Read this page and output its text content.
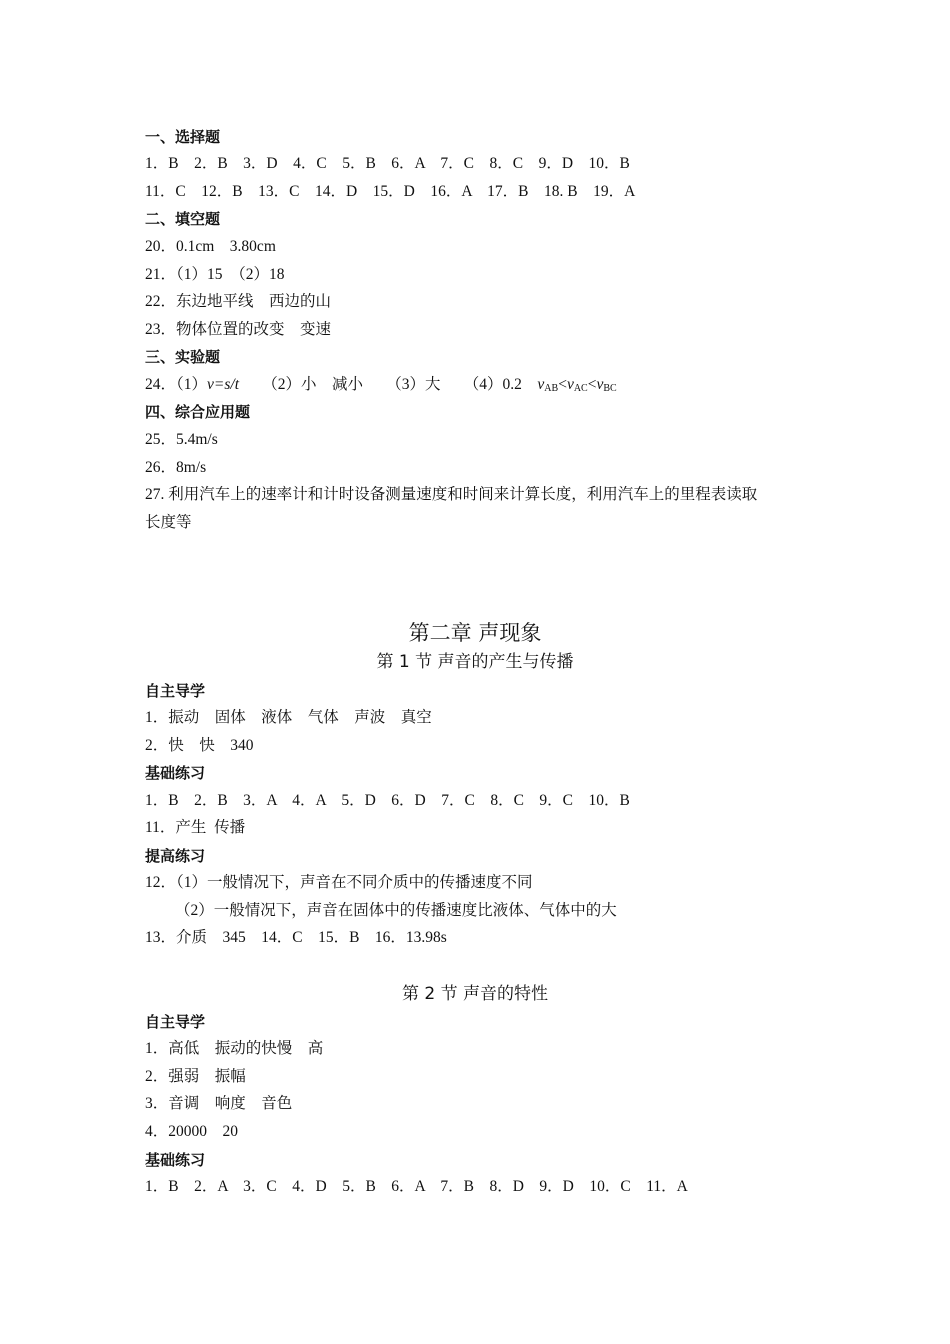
一、选择题
1．B　2．B　3．D　4．C　5．B　6．A　7．C　8．C　9．D　10．B
11．C　12．B　13．C　14．D　15．D　16．A　17．B　18. B　19．A
二、填空题
20．0.1cm　3.80cm
21．（1）15　（2）18
22．东边地平线　西边的山
23．物体位置的改变　变速
三、实验题
24．（1）v=s/t　　（2）小　减小　　（3）大　　（4）0.2　$v_{AB}<v_{AC}<v_{BC}$
四、综合应用题
25．5.4m/s
26．8m/s
27. 利用汽车上的速率计和计时设备测量速度和时间来计算长度，利用汽车上的里程表读取
长度等
第二章 声现象
第 1 节 声音的产生与传播
自主导学
1．振动　固体　液体　气体　声波　真空
2．快　快　340
基础练习
1．B　2．B　3．A　4．A　5．D　6．D　7．C　8．C　9．C　10．B
11．产生  传播
提高练习
12．（1）一般情况下，声音在不同介质中的传播速度不同
（2）一般情况下，声音在固体中的传播速度比液体、气体中的大
13．介质　345　14．C　15．B　16．13.98s
第 2 节 声音的特性
自主导学
1．高低　振动的快慢　高
2．强弱　振幅
3．音调　响度　音色
4．20000　20
基础练习
1．B　2．A　3．C　4．D　5．B　6．A　7．B　8．D　9．D　10．C　11．A
